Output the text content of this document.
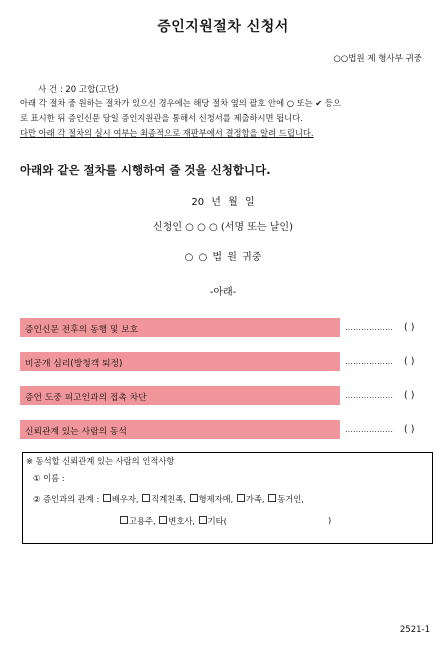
증인지원절차 신청서
○○법원 제 형사부 귀중
사 건 : 20 고합(고단)
아래 각 절차 중 원하는 절차가 있으신 경우에는 해당 절차 옆의 괄호 안에 ○ 또는 ✔ 등으
로 표시한 뒤 증인신문 당일 증인지원관을 통해서 신청서를 제출하시면 됩니다.
다만 아래 각 절차의 실시 여부는 최종적으로 재판부에서 결정함을 알려 드립니다.
아래와 같은 절차를 시행하여 줄 것을 신청합니다.
20 년 월 일
신청인 ○ ○ ○ (서명 또는 날인)
○ ○ 법 원 귀중
-아래-
증인신문 전후의 동행 및 보호	……………… ( )
비공개 심리(방청객 퇴정)	……………… ( )
증언 도중 피고인과의 접촉 차단	……………… ( )
신뢰관계 있는 사람의 동석	……………… ( )
※ 동석할 신뢰관계 있는 사람의 인적사항
① 이름 :
② 증인과의 관계 : 배우자, 직계친족, 형제자매, 가족, 동거인,
고용주, 변호사, 기타(	)
2521-1
